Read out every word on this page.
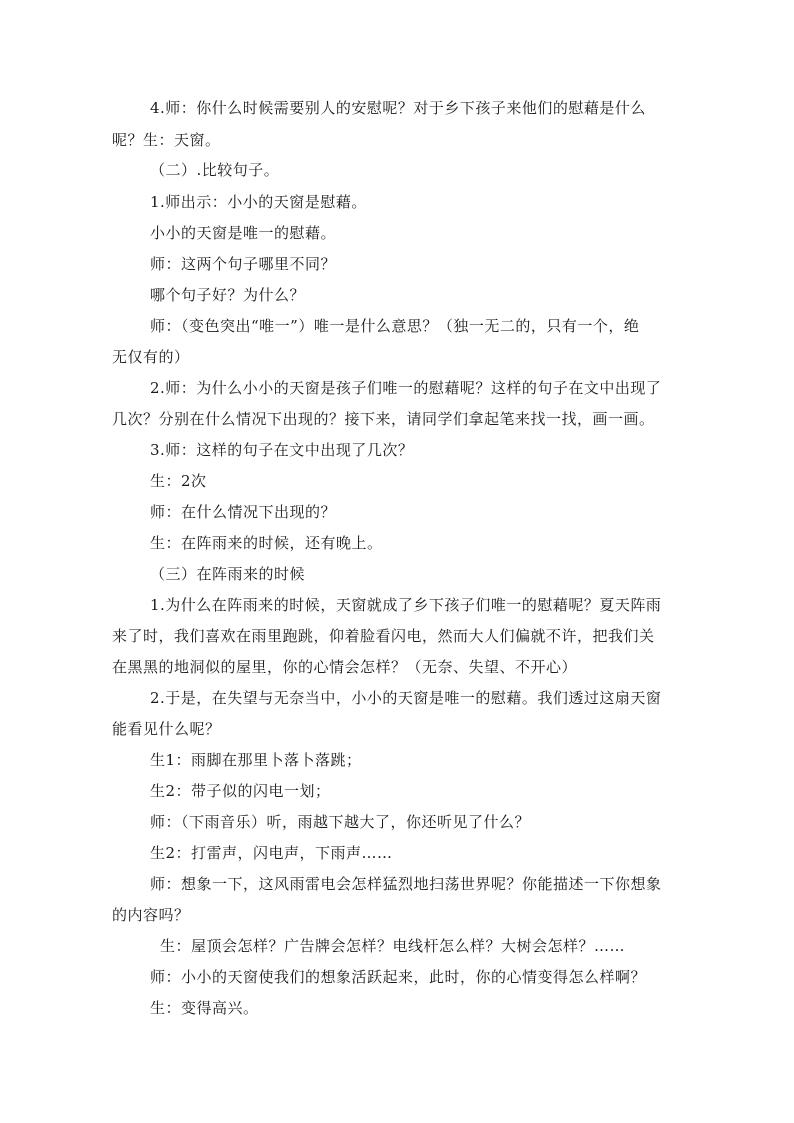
4.师：你什么时候需要别人的安慰呢？对于乡下孩子来他们的慰藉是什么
呢？生：天窗。
（二）.比较句子。
1.师出示：小小的天窗是慰藉。
小小的天窗是唯一的慰藉。
师：这两个句子哪里不同？
哪个句子好？为什么？
师：（变色突出“唯一”）唯一是什么意思？（独一无二的，只有一个，绝
无仅有的）
2.师：为什么小小的天窗是孩子们唯一的慰藉呢？这样的句子在文中出现了
几次？分别在什么情况下出现的？接下来，请同学们拿起笔来找一找，画一画。
3.师：这样的句子在文中出现了几次？
生：2次
师：在什么情况下出现的？
生：在阵雨来的时候，还有晚上。
（三）在阵雨来的时候
1.为什么在阵雨来的时候，天窗就成了乡下孩子们唯一的慰藉呢？夏天阵雨
来了时，我们喜欢在雨里跑跳，仰着脸看闪电，然而大人们偏就不许，把我们关
在黑黑的地洞似的屋里，你的心情会怎样？（无奈、失望、不开心）
2.于是，在失望与无奈当中，小小的天窗是唯一的慰藉。我们透过这扇天窗
能看见什么呢？
生1：雨脚在那里卜落卜落跳；
生2：带子似的闪电一划；
师：（下雨音乐）听，雨越下越大了，你还听见了什么？
生2：打雷声，闪电声，下雨声……
师：想象一下，这风雨雷电会怎样猛烈地扫荡世界呢？你能描述一下你想象
的内容吗？
生：屋顶会怎样？广告牌会怎样？电线杆怎么样？大树会怎样？……
师：小小的天窗使我们的想象活跃起来，此时，你的心情变得怎么样啊？
生：变得高兴。
